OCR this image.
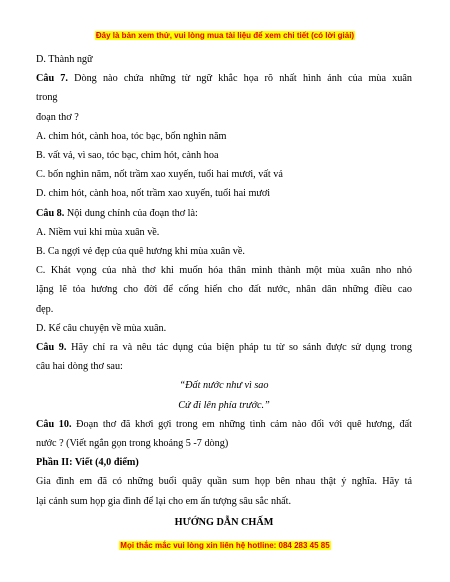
Đây là bản xem thử, vui lòng mua tài liệu để xem chi tiết (có lời giải)
D. Thành ngữ
Câu 7. Dòng nào chứa những từ ngữ khắc họa rõ nhất hình ảnh của mùa xuân
trong
đoạn thơ ?
A. chim hót, cành hoa, tóc bạc, bốn nghìn năm
B. vất vả, vì sao, tóc bạc, chim hót, cành hoa
C. bốn nghìn năm, nốt trầm xao xuyến, tuổi hai mươi, vất vả
D. chim hót, cành hoa, nốt trầm xao xuyến, tuổi hai mươi
Câu 8. Nội dung chính của đoạn thơ là:
A. Niềm vui khi mùa xuân về.
B. Ca ngợi vẻ đẹp của quê hương khi mùa xuân về.
C. Khát vọng của nhà thơ khi muốn hóa thân mình thành một mùa xuân nho nhỏ
lặng lẽ tỏa hương cho đời để cống hiến cho đất nước, nhân dân những điều cao
đẹp.
D. Kể câu chuyện về mùa xuân.
Câu 9. Hãy chỉ ra và nêu tác dụng của biện pháp tu từ so sánh được sử dụng trong
câu hai dòng thơ sau:
“Đất nước như vì sao
Cứ đi lên phía trước.”
Câu 10. Đoạn thơ đã khơi gợi trong em những tình cảm nào đối với quê hương, đất
nước ? (Viết ngắn gọn trong khoảng 5 -7 dòng)
Phần II: Viết (4,0 điểm)
Gia đình em đã có những buổi quây quần sum họp bên nhau thật ý nghĩa. Hãy tả
lại cảnh sum họp gia đình để lại cho em ấn tượng sâu sắc nhất.
HƯỚNG DẪN CHẤM
Mọi thắc mắc vui lòng xin liên hệ hotline: 084 283 45 85
